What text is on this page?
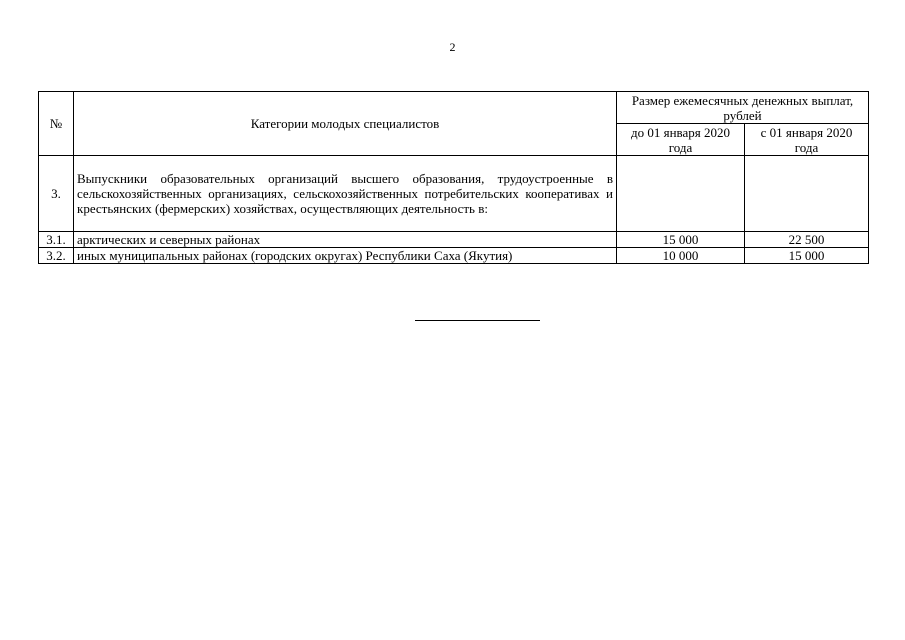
2
№	Категории молодых специалистов	Размер ежемесячных денежных выплат, рублей	
		до 01 января 2020 года	с 01 января 2020 года
3.	Выпускники образовательных организаций высшего образования, трудоустроенные в сельскохозяйственных организациях, сельскохозяйственных потребительских кооперативах и крестьянских (фермерских) хозяйствах, осуществляющих деятельность в:		
3.1.	арктических и северных районах	15 000	22 500
3.2.	иных муниципальных районах (городских округах) Республики Саха (Якутия)	10 000	15 000
